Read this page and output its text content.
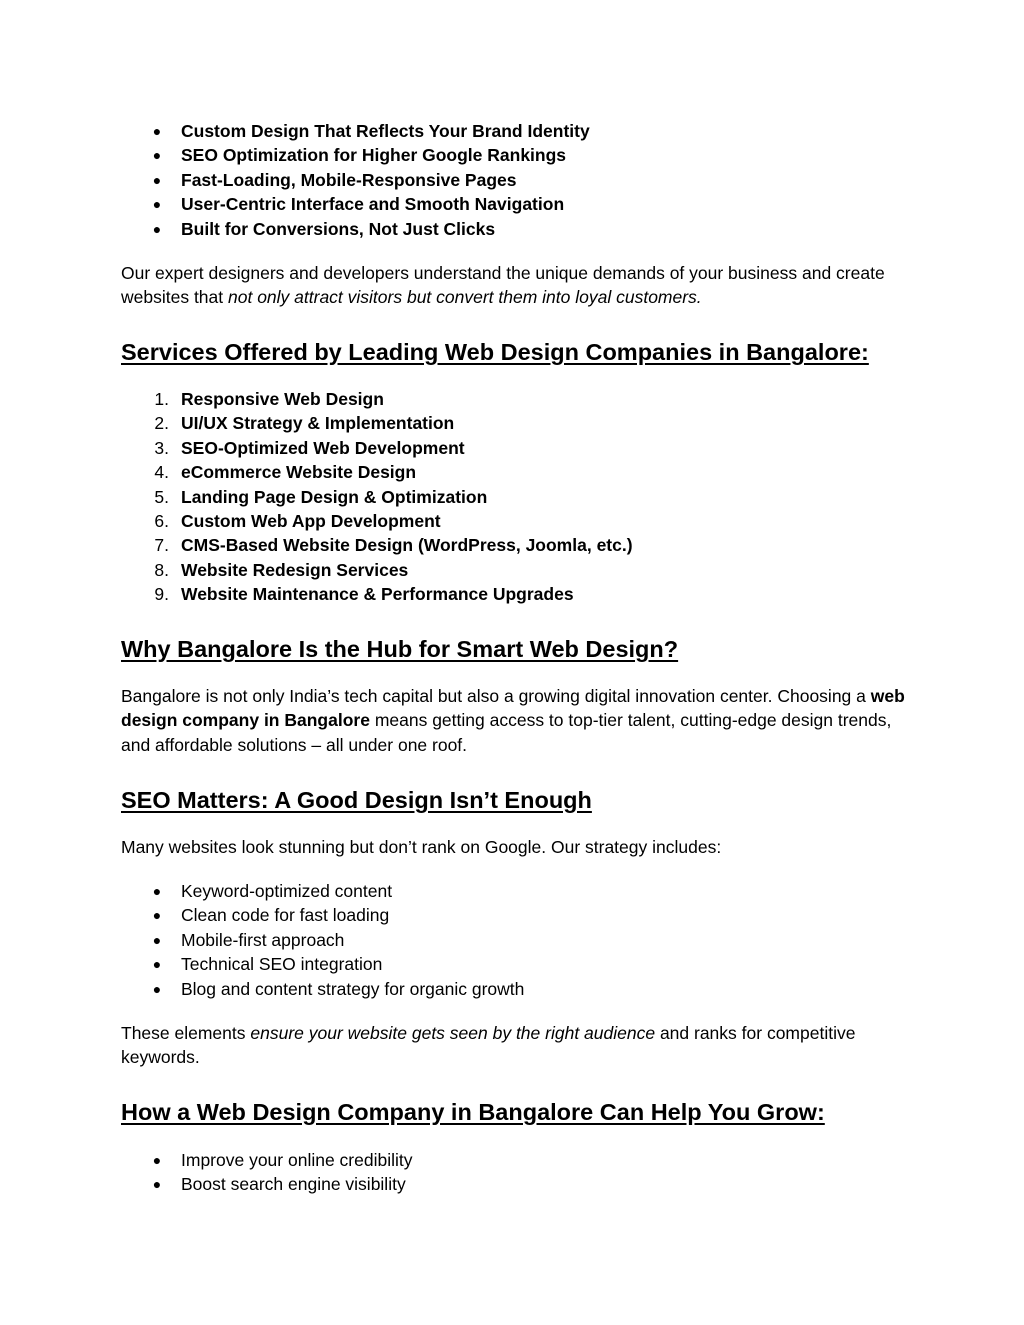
● Custom Design That Reflects Your Brand Identity
● SEO Optimization for Higher Google Rankings
● Fast-Loading, Mobile-Responsive Pages
● User-Centric Interface and Smooth Navigation
● Built for Conversions, Not Just Clicks

Our expert designers and developers understand the unique demands of your business and create websites that not only attract visitors but convert them into loyal customers.

Services Offered by Leading Web Design Companies in Bangalore:
1. Responsive Web Design
2. UI/UX Strategy & Implementation
3. SEO-Optimized Web Development
4. eCommerce Website Design
5. Landing Page Design & Optimization
6. Custom Web App Development
7. CMS-Based Website Design (WordPress, Joomla, etc.)
8. Website Redesign Services
9. Website Maintenance & Performance Upgrades
Why Bangalore Is the Hub for Smart Web Design?

Bangalore is not only India’s tech capital but also a growing digital innovation center. Choosing a web design company in Bangalore means getting access to top-tier talent, cutting-edge design trends, and affordable solutions – all under one roof.

SEO Matters: A Good Design Isn’t Enough

Many websites look stunning but don’t rank on Google. Our strategy includes:

● Keyword-optimized content
● Clean code for fast loading
● Mobile-first approach
● Technical SEO integration
● Blog and content strategy for organic growth

These elements ensure your website gets seen by the right audience and ranks for competitive keywords.

How a Web Design Company in Bangalore Can Help You Grow:
● Improve your online credibility
● Boost search engine visibility
